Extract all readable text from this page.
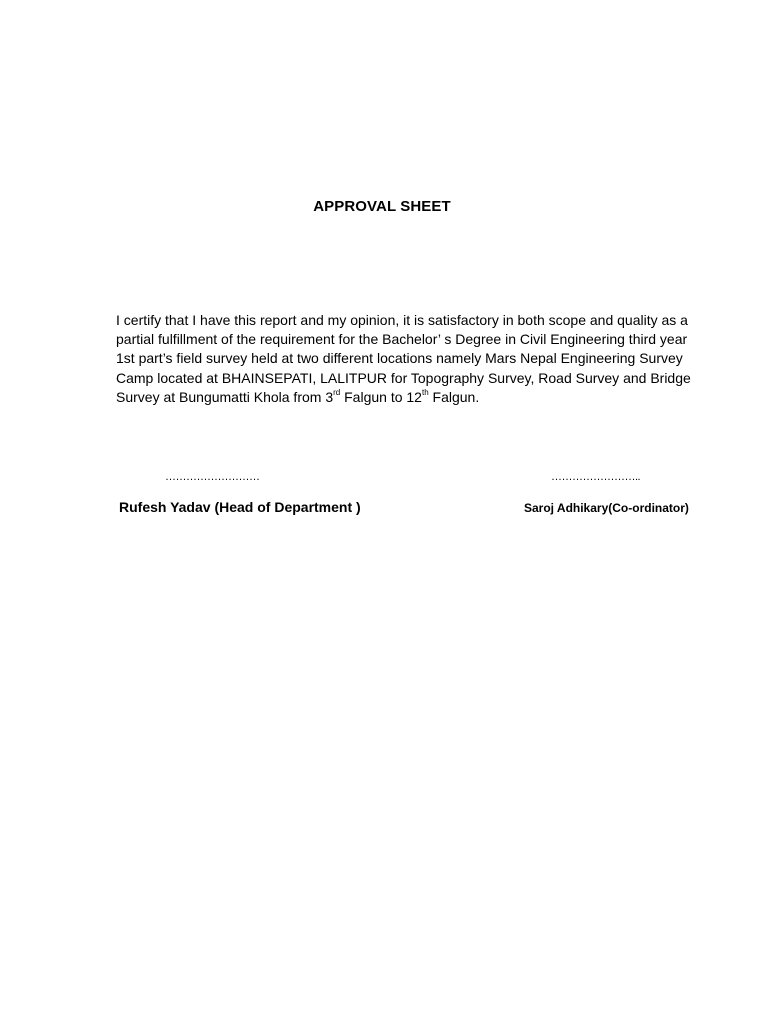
APPROVAL SHEET
I certify that I have this report and my opinion, it is satisfactory in both scope and quality as a partial fulfillment of the requirement for the Bachelor’ s Degree in Civil Engineering third year 1st part’s field survey held at two different locations namely Mars Nepal Engineering Survey Camp located at BHAINSEPATI, LALITPUR for Topography Survey, Road Survey and Bridge Survey at Bungumatti Khola from 3rd Falgun to 12th Falgun.
………………………	……………………..
Rufesh Yadav (Head of Department )	Saroj Adhikary(Co-ordinator)
